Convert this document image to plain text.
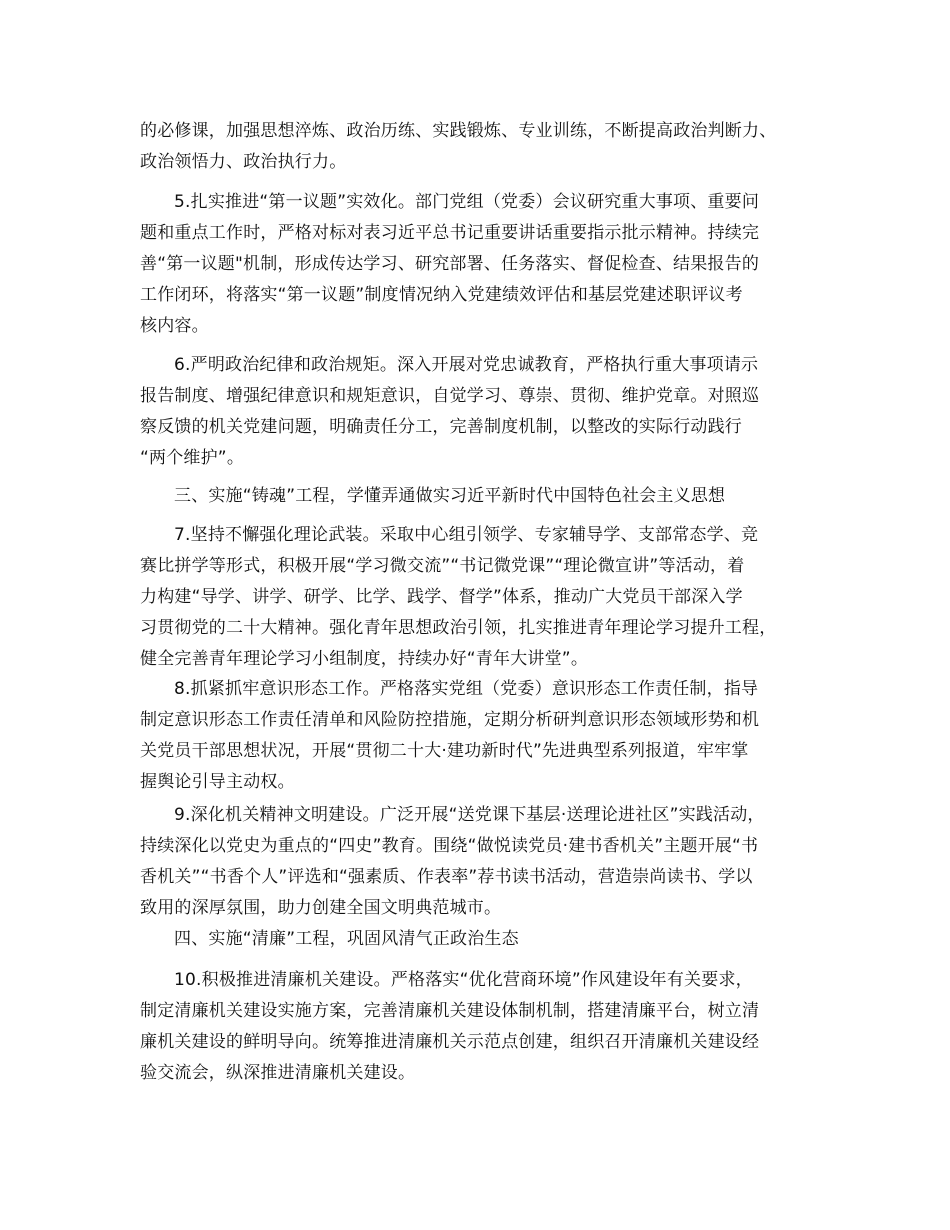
的必修课，加强思想淬炼、政治历练、实践锻炼、专业训练，不断提高政治判断力、
政治领悟力、政治执行力。
5.扎实推进“第一议题”实效化。部门党组（党委）会议研究重大事项、重要问
题和重点工作时，严格对标对表习近平总书记重要讲话重要指示批示精神。持续完
善“第一议题"机制，形成传达学习、研究部署、任务落实、督促检查、结果报告的
工作闭环，将落实“第一议题”制度情况纳入党建绩效评估和基层党建述职评议考
核内容。
6.严明政治纪律和政治规矩。深入开展对党忠诚教育，严格执行重大事项请示
报告制度、增强纪律意识和规矩意识，自觉学习、尊崇、贯彻、维护党章。对照巡
察反馈的机关党建问题，明确责任分工，完善制度机制，以整改的实际行动践行
“两个维护”。
三、实施“铸魂”工程，学懂弄通做实习近平新时代中国特色社会主义思想
7.坚持不懈强化理论武装。采取中心组引领学、专家辅导学、支部常态学、竞
赛比拼学等形式，积极开展“学习微交流”“书记微党课”“理论微宣讲”等活动，着
力构建“导学、讲学、研学、比学、践学、督学”体系，推动广大党员干部深入学
习贯彻党的二十大精神。强化青年思想政治引领，扎实推进青年理论学习提升工程，
健全完善青年理论学习小组制度，持续办好“青年大讲堂”。
8.抓紧抓牢意识形态工作。严格落实党组（党委）意识形态工作责任制，指导
制定意识形态工作责任清单和风险防控措施，定期分析研判意识形态领域形势和机
关党员干部思想状况，开展“贯彻二十大·建功新时代”先进典型系列报道，牢牢掌
握舆论引导主动权。
9.深化机关精神文明建设。广泛开展“送党课下基层·送理论进社区”实践活动，
持续深化以党史为重点的“四史”教育。围绕“做悦读党员·建书香机关”主题开展“书
香机关”“书香个人”评选和“强素质、作表率”荐书读书活动，营造崇尚读书、学以
致用的深厚氛围，助力创建全国文明典范城市。
四、实施“清廉”工程，巩固风清气正政治生态
10.积极推进清廉机关建设。严格落实“优化营商环境”作风建设年有关要求，
制定清廉机关建设实施方案，完善清廉机关建设体制机制，搭建清廉平台，树立清
廉机关建设的鲜明导向。统筹推进清廉机关示范点创建，组织召开清廉机关建设经
验交流会，纵深推进清廉机关建设。
